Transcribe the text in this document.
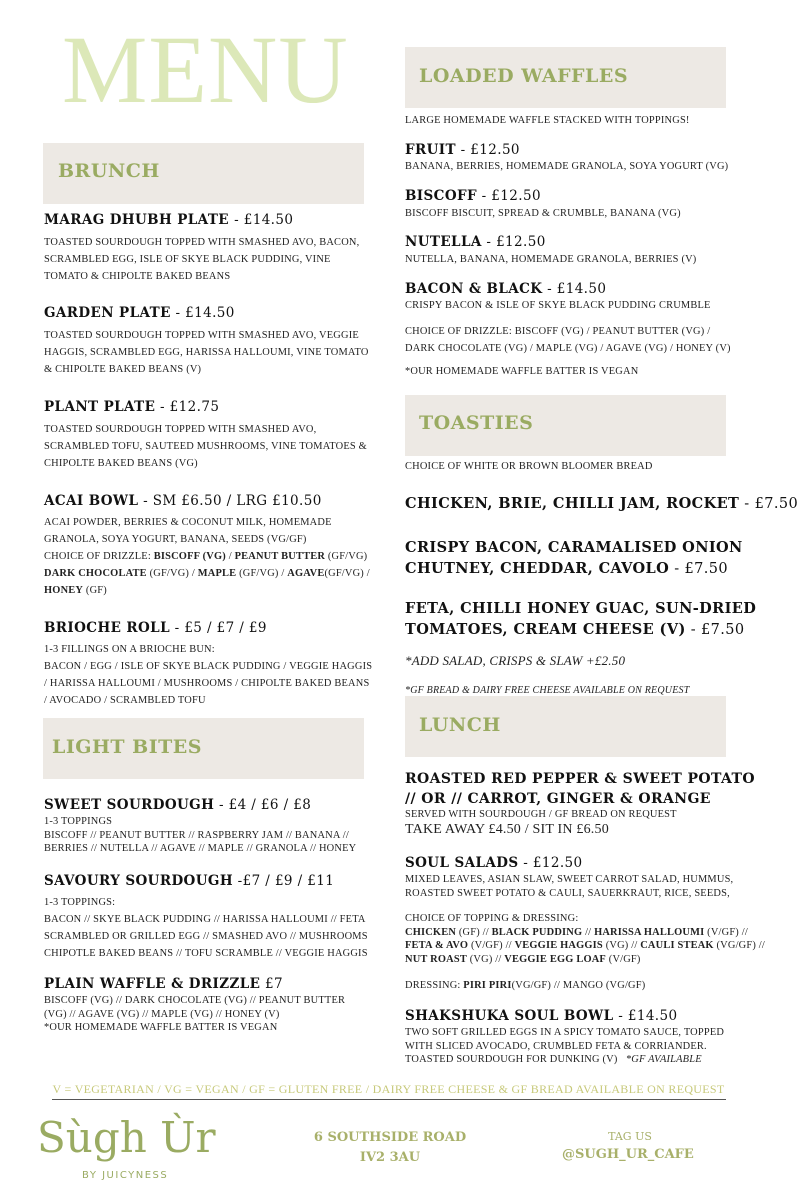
MENU
BRUNCH
MARAG DHUBH PLATE - £14.50
TOASTED SOURDOUGH TOPPED WITH SMASHED AVO, BACON,
SCRAMBLED EGG, ISLE OF SKYE BLACK PUDDING, VINE
TOMATO & CHIPOLTE BAKED BEANS
GARDEN PLATE - £14.50
TOASTED SOURDOUGH TOPPED WITH SMASHED AVO, VEGGIE
HAGGIS, SCRAMBLED EGG, HARISSA HALLOUMI, VINE TOMATO
& CHIPOLTE BAKED BEANS (V)
PLANT PLATE - £12.75
TOASTED SOURDOUGH TOPPED WITH SMASHED AVO,
SCRAMBLED TOFU, SAUTEED MUSHROOMS, VINE TOMATOES &
CHIPOLTE BAKED BEANS (VG)
ACAI BOWL - SM £6.50 / LRG £10.50
ACAI POWDER, BERRIES & COCONUT MILK, HOMEMADE
GRANOLA, SOYA YOGURT, BANANA, SEEDS (VG/GF)
CHOICE OF DRIZZLE: BISCOFF (VG) / PEANUT BUTTER (GF/VG)
DARK CHOCOLATE (GF/VG) / MAPLE (GF/VG) / AGAVE(GF/VG) /
HONEY (GF)
BRIOCHE ROLL - £5 / £7 / £9
1-3 FILLINGS ON A BRIOCHE BUN:
BACON / EGG / ISLE OF SKYE BLACK PUDDING / VEGGIE HAGGIS
/ HARISSA HALLOUMI / MUSHROOMS / CHIPOLTE BAKED BEANS
/ AVOCADO / SCRAMBLED TOFU
LIGHT BITES
SWEET SOURDOUGH - £4 / £6 / £8
1-3 TOPPINGS
BISCOFF // PEANUT BUTTER // RASPBERRY JAM // BANANA //
BERRIES // NUTELLA // AGAVE // MAPLE // GRANOLA // HONEY
SAVOURY SOURDOUGH -£7 / £9 / £11
1-3 TOPPINGS:
BACON // SKYE BLACK PUDDING // HARISSA HALLOUMI // FETA
SCRAMBLED OR GRILLED EGG // SMASHED AVO // MUSHROOMS
CHIPOTLE BAKED BEANS // TOFU SCRAMBLE // VEGGIE HAGGIS
PLAIN WAFFLE & DRIZZLE £7
BISCOFF (VG) // DARK CHOCOLATE (VG) // PEANUT BUTTER
(VG) // AGAVE (VG) // MAPLE (VG) // HONEY (V)
*OUR HOMEMADE WAFFLE BATTER IS VEGAN
LOADED WAFFLES
LARGE HOMEMADE WAFFLE STACKED WITH TOPPINGS!
FRUIT - £12.50
BANANA, BERRIES, HOMEMADE GRANOLA, SOYA YOGURT (VG)
BISCOFF - £12.50
BISCOFF BISCUIT, SPREAD & CRUMBLE, BANANA (VG)
NUTELLA - £12.50
NUTELLA, BANANA, HOMEMADE GRANOLA, BERRIES (V)
BACON & BLACK - £14.50
CRISPY BACON & ISLE OF SKYE BLACK PUDDING CRUMBLE
CHOICE OF DRIZZLE: BISCOFF (VG) / PEANUT BUTTER (VG) /
DARK CHOCOLATE (VG) / MAPLE (VG) / AGAVE (VG) / HONEY (V)
*OUR HOMEMADE WAFFLE BATTER IS VEGAN
TOASTIES
CHOICE OF WHITE OR BROWN BLOOMER BREAD
CHICKEN, BRIE, CHILLI JAM, ROCKET - £7.50
CRISPY BACON, CARAMALISED ONION
CHUTNEY, CHEDDAR, CAVOLO - £7.50
FETA, CHILLI HONEY GUAC, SUN-DRIED
TOMATOES, CREAM CHEESE (V) - £7.50
*ADD SALAD, CRISPS & SLAW +£2.50
*GF BREAD & DAIRY FREE CHEESE AVAILABLE ON REQUEST
LUNCH
ROASTED RED PEPPER & SWEET POTATO
// OR // CARROT, GINGER & ORANGE
SERVED WITH SOURDOUGH / GF BREAD ON REQUEST
TAKE AWAY £4.50 / SIT IN £6.50
SOUL SALADS - £12.50
MIXED LEAVES, ASIAN SLAW, SWEET CARROT SALAD, HUMMUS,
ROASTED SWEET POTATO & CAULI, SAUERKRAUT, RICE, SEEDS,
CHOICE OF TOPPING & DRESSING:
CHICKEN (GF) // BLACK PUDDING // HARISSA HALLOUMI (V/GF) //
FETA & AVO (V/GF) // VEGGIE HAGGIS (VG) // CAULI STEAK (VG/GF) //
NUT ROAST (VG) // VEGGIE EGG LOAF (V/GF)
DRESSING: PIRI PIRI(VG/GF) // MANGO (VG/GF)
SHAKSHUKA SOUL BOWL - £14.50
TWO SOFT GRILLED EGGS IN A SPICY TOMATO SAUCE, TOPPED
WITH SLICED AVOCADO, CRUMBLED FETA & CORRIANDER.
TOASTED SOURDOUGH FOR DUNKING (V)   *GF AVAILABLE
V = VEGETARIAN / VG = VEGAN / GF = GLUTEN FREE / DAIRY FREE CHEESE & GF BREAD AVAILABLE ON REQUEST
Sùgh Ùr
BY JUICYNESS
6 SOUTHSIDE ROAD
IV2 3AU
TAG US
@SUGH_UR_CAFE
